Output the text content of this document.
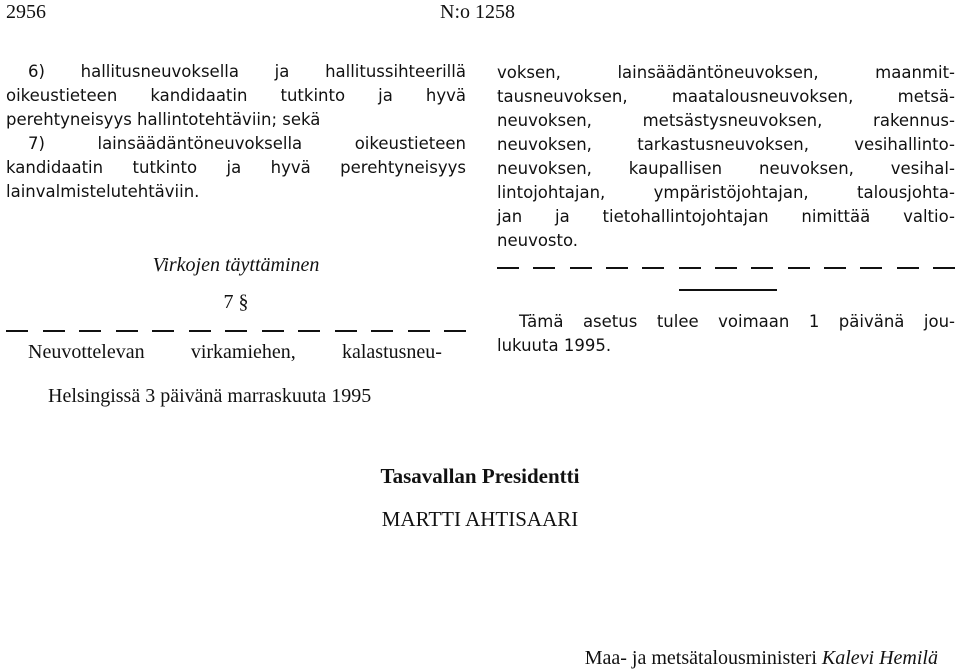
2956	N:o 1258
6) hallitusneuvoksella ja hallitussihteerillä
oikeustieteen kandidaatin tutkinto ja hyvä
perehtyneisyys hallintotehtäviin; sekä
7)	lainsäädäntöneuvoksella	oikeustieteen
kandidaatin tutkinto ja hyvä perehtyneisyys
lainvalmistelutehtäviin.
Virkojen täyttäminen
7 §
Neuvottelevan virkamiehen, kalastusneu-
voksen,	lainsäädäntöneuvoksen,	maanmit-
tausneuvoksen,	maatalousneuvoksen,	metsä-
neuvoksen,	metsästysneuvoksen,	rakennus-
neuvoksen,	tarkastusneuvoksen,	vesihallinto-
neuvoksen, kaupallisen neuvoksen, vesihal-
lintojohtajan,	ympäristöjohtajan,	talousjohta-
jan ja tietohallintojohtajan nimittää valtio-
neuvosto.
Tämä asetus tulee voimaan 1 päivänä jou-
lukuuta 1995.
Helsingissä 3 päivänä marraskuuta 1995
Tasavallan Presidentti
MARTTI AHTISAARI
Maa- ja metsätalousministeri Kalevi Hemilä
